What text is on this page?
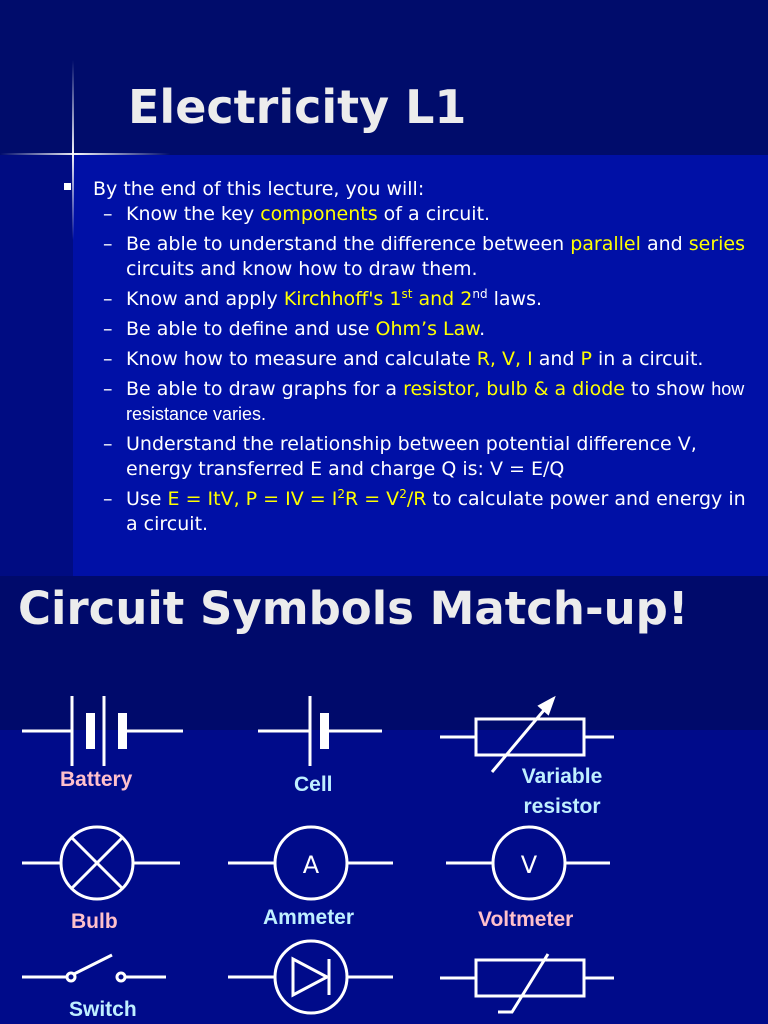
Electricity L1

By the end of this lecture, you will:

– Know the key components of a circuit.
– Be able to understand the difference between parallel and series circuits and know how to draw them.
– Know and apply Kirchhoff's 1st and 2nd laws.
– Be able to define and use Ohm’s Law.
– Know how to measure and calculate R, V, I and P in a circuit.
– Be able to draw graphs for a resistor, bulb & a diode to show how resistance varies.
– Understand the relationship between potential difference V, energy transferred E and charge Q is: V = E/Q
– Use E = ItV, P = IV = $I^2R = V^2/R$ to calculate power and energy in a circuit.
Circuit Symbols Match-up!
A	V
Battery	Cell	Variable resistor
Bulb	Ammeter	Voltmeter
Switch
